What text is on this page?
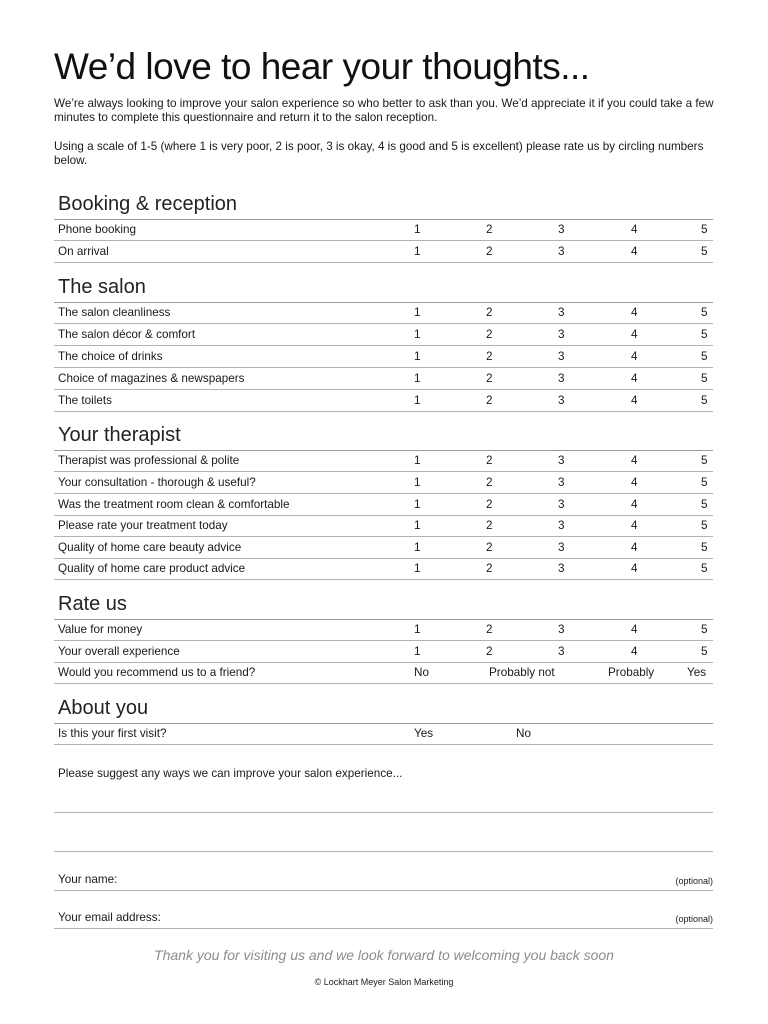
We’d love to hear your thoughts...

We’re always looking to improve your salon experience so who better to ask than you. We’d appreciate it if you could take a few minutes to complete this questionnaire and return it to the salon reception.

Using a scale of 1-5 (where 1 is very poor, 2 is poor, 3 is okay, 4 is good and 5 is excellent) please rate us by circling numbers below.

Booking & reception
Phone booking	1	2	3	4	5
On arrival	1	2	3	4	5
The salon
The salon cleanliness	1	2	3	4	5
The salon décor & comfort	1	2	3	4	5
The choice of drinks	1	2	3	4	5
Choice of magazines & newspapers	1	2	3	4	5
The toilets	1	2	3	4	5
Your therapist
Therapist was professional & polite	1	2	3	4	5
Your consultation - thorough & useful?	1	2	3	4	5
Was the treatment room clean & comfortable	1	2	3	4	5
Please rate your treatment today	1	2	3	4	5
Quality of home care beauty advice	1	2	3	4	5
Quality of home care product advice	1	2	3	4	5
Rate us
Value for money	1	2	3	4	5
Your overall experience	1	2	3	4	5
Would you recommend us to a friend?	No	Probably not	Probably	Yes
About you
Is this your first visit?	Yes	No
Please suggest any ways we can improve your salon experience...
Your name:	(optional)
Your email address:	(optional)
Thank you for visiting us and we look forward to welcoming you back soon
© Lockhart Meyer Salon Marketing
